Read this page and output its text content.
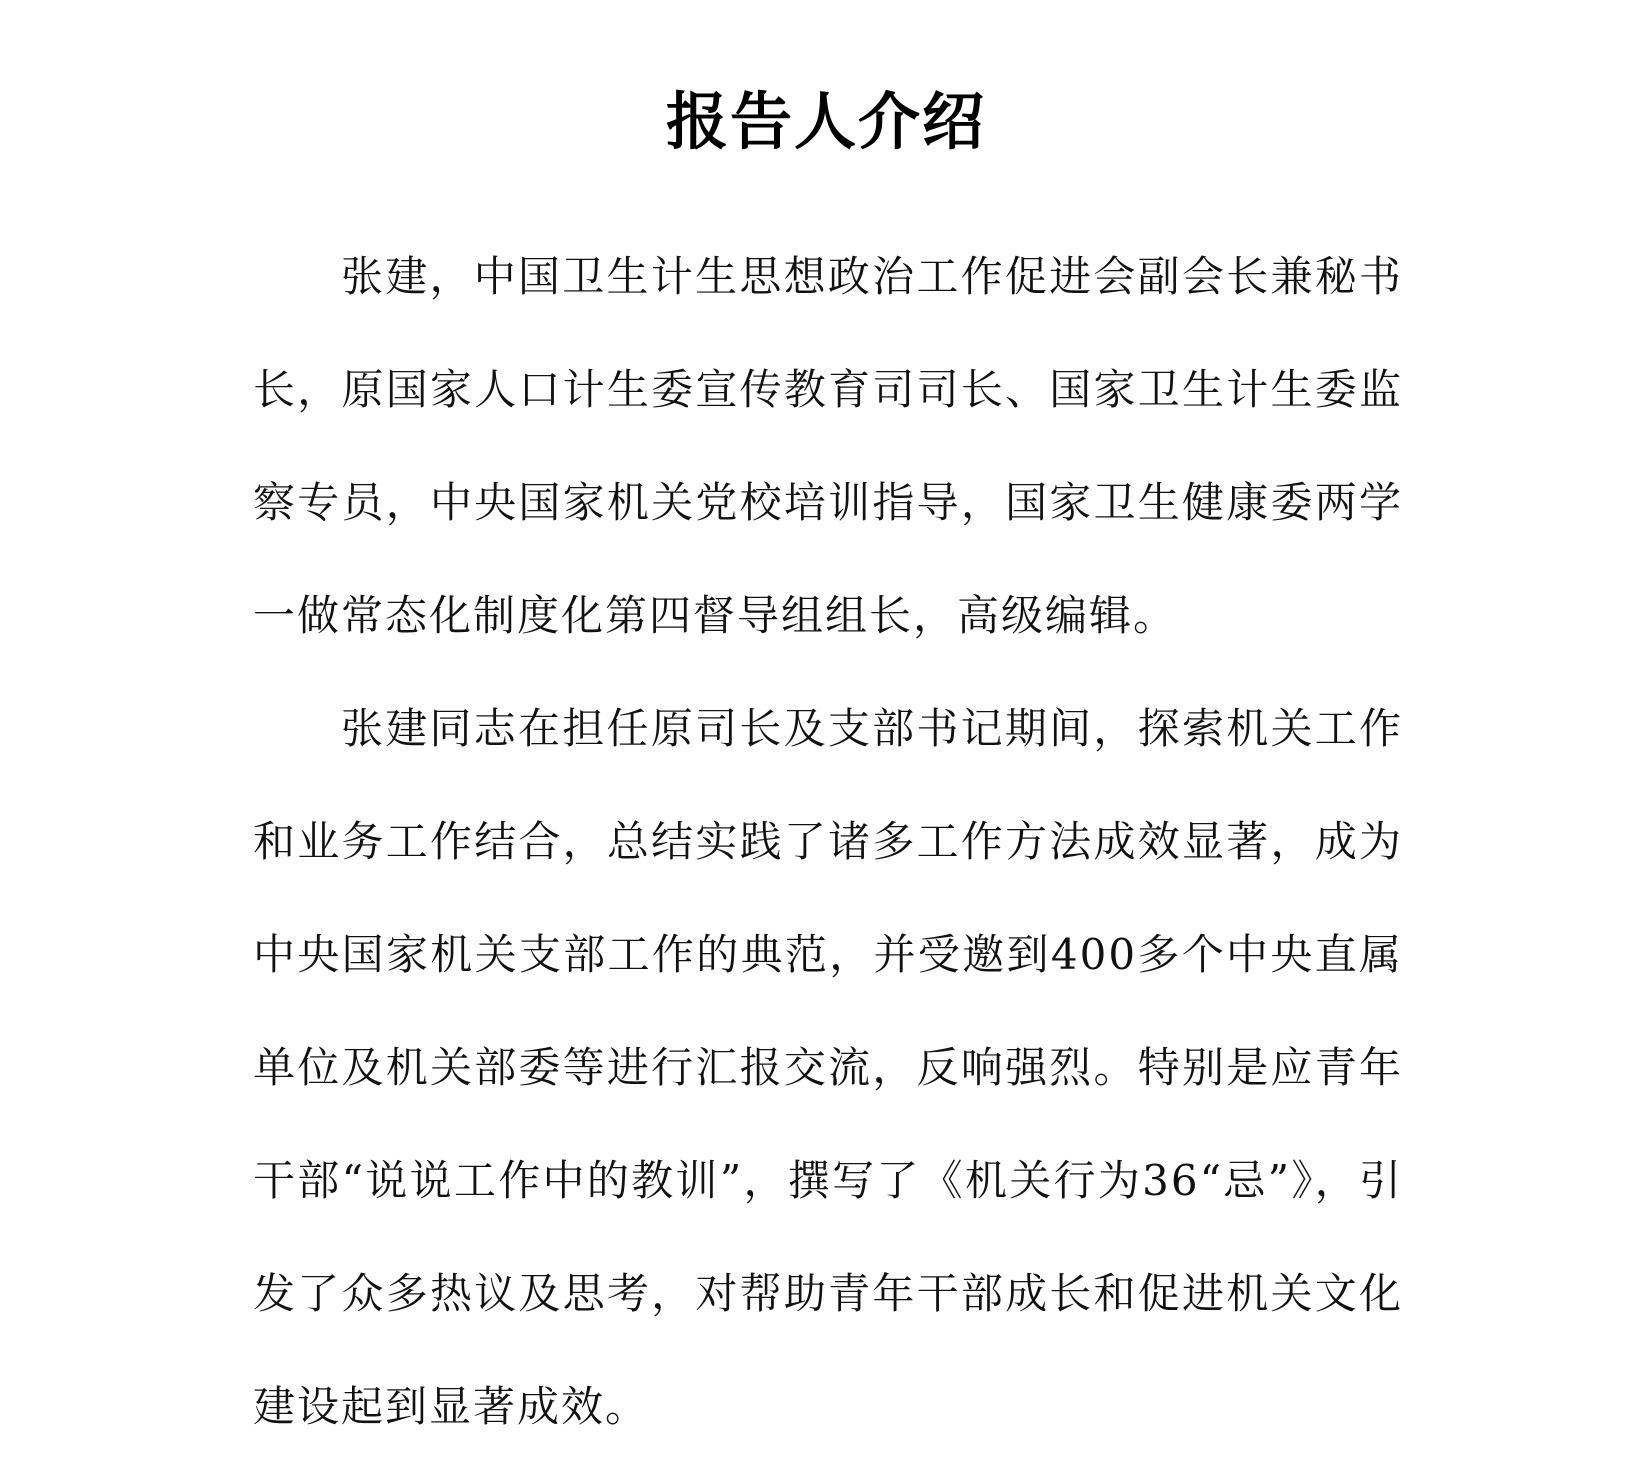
报告人介绍

张建，中国卫生计生思想政治工作促进会副会长兼秘书长，原国家人口计生委宣传教育司司长、国家卫生计生委监察专员，中央国家机关党校培训指导，国家卫生健康委两学一做常态化制度化第四督导组组长，高级编辑。

张建同志在担任原司长及支部书记期间，探索机关工作和业务工作结合，总结实践了诸多工作方法成效显著，成为中央国家机关支部工作的典范，并受邀到400多个中央直属单位及机关部委等进行汇报交流，反响强烈。特别是应青年干部“说说工作中的教训”，撰写了《机关行为36“忌”》，引发了众多热议及思考，对帮助青年干部成长和促进机关文化建设起到显著成效。
